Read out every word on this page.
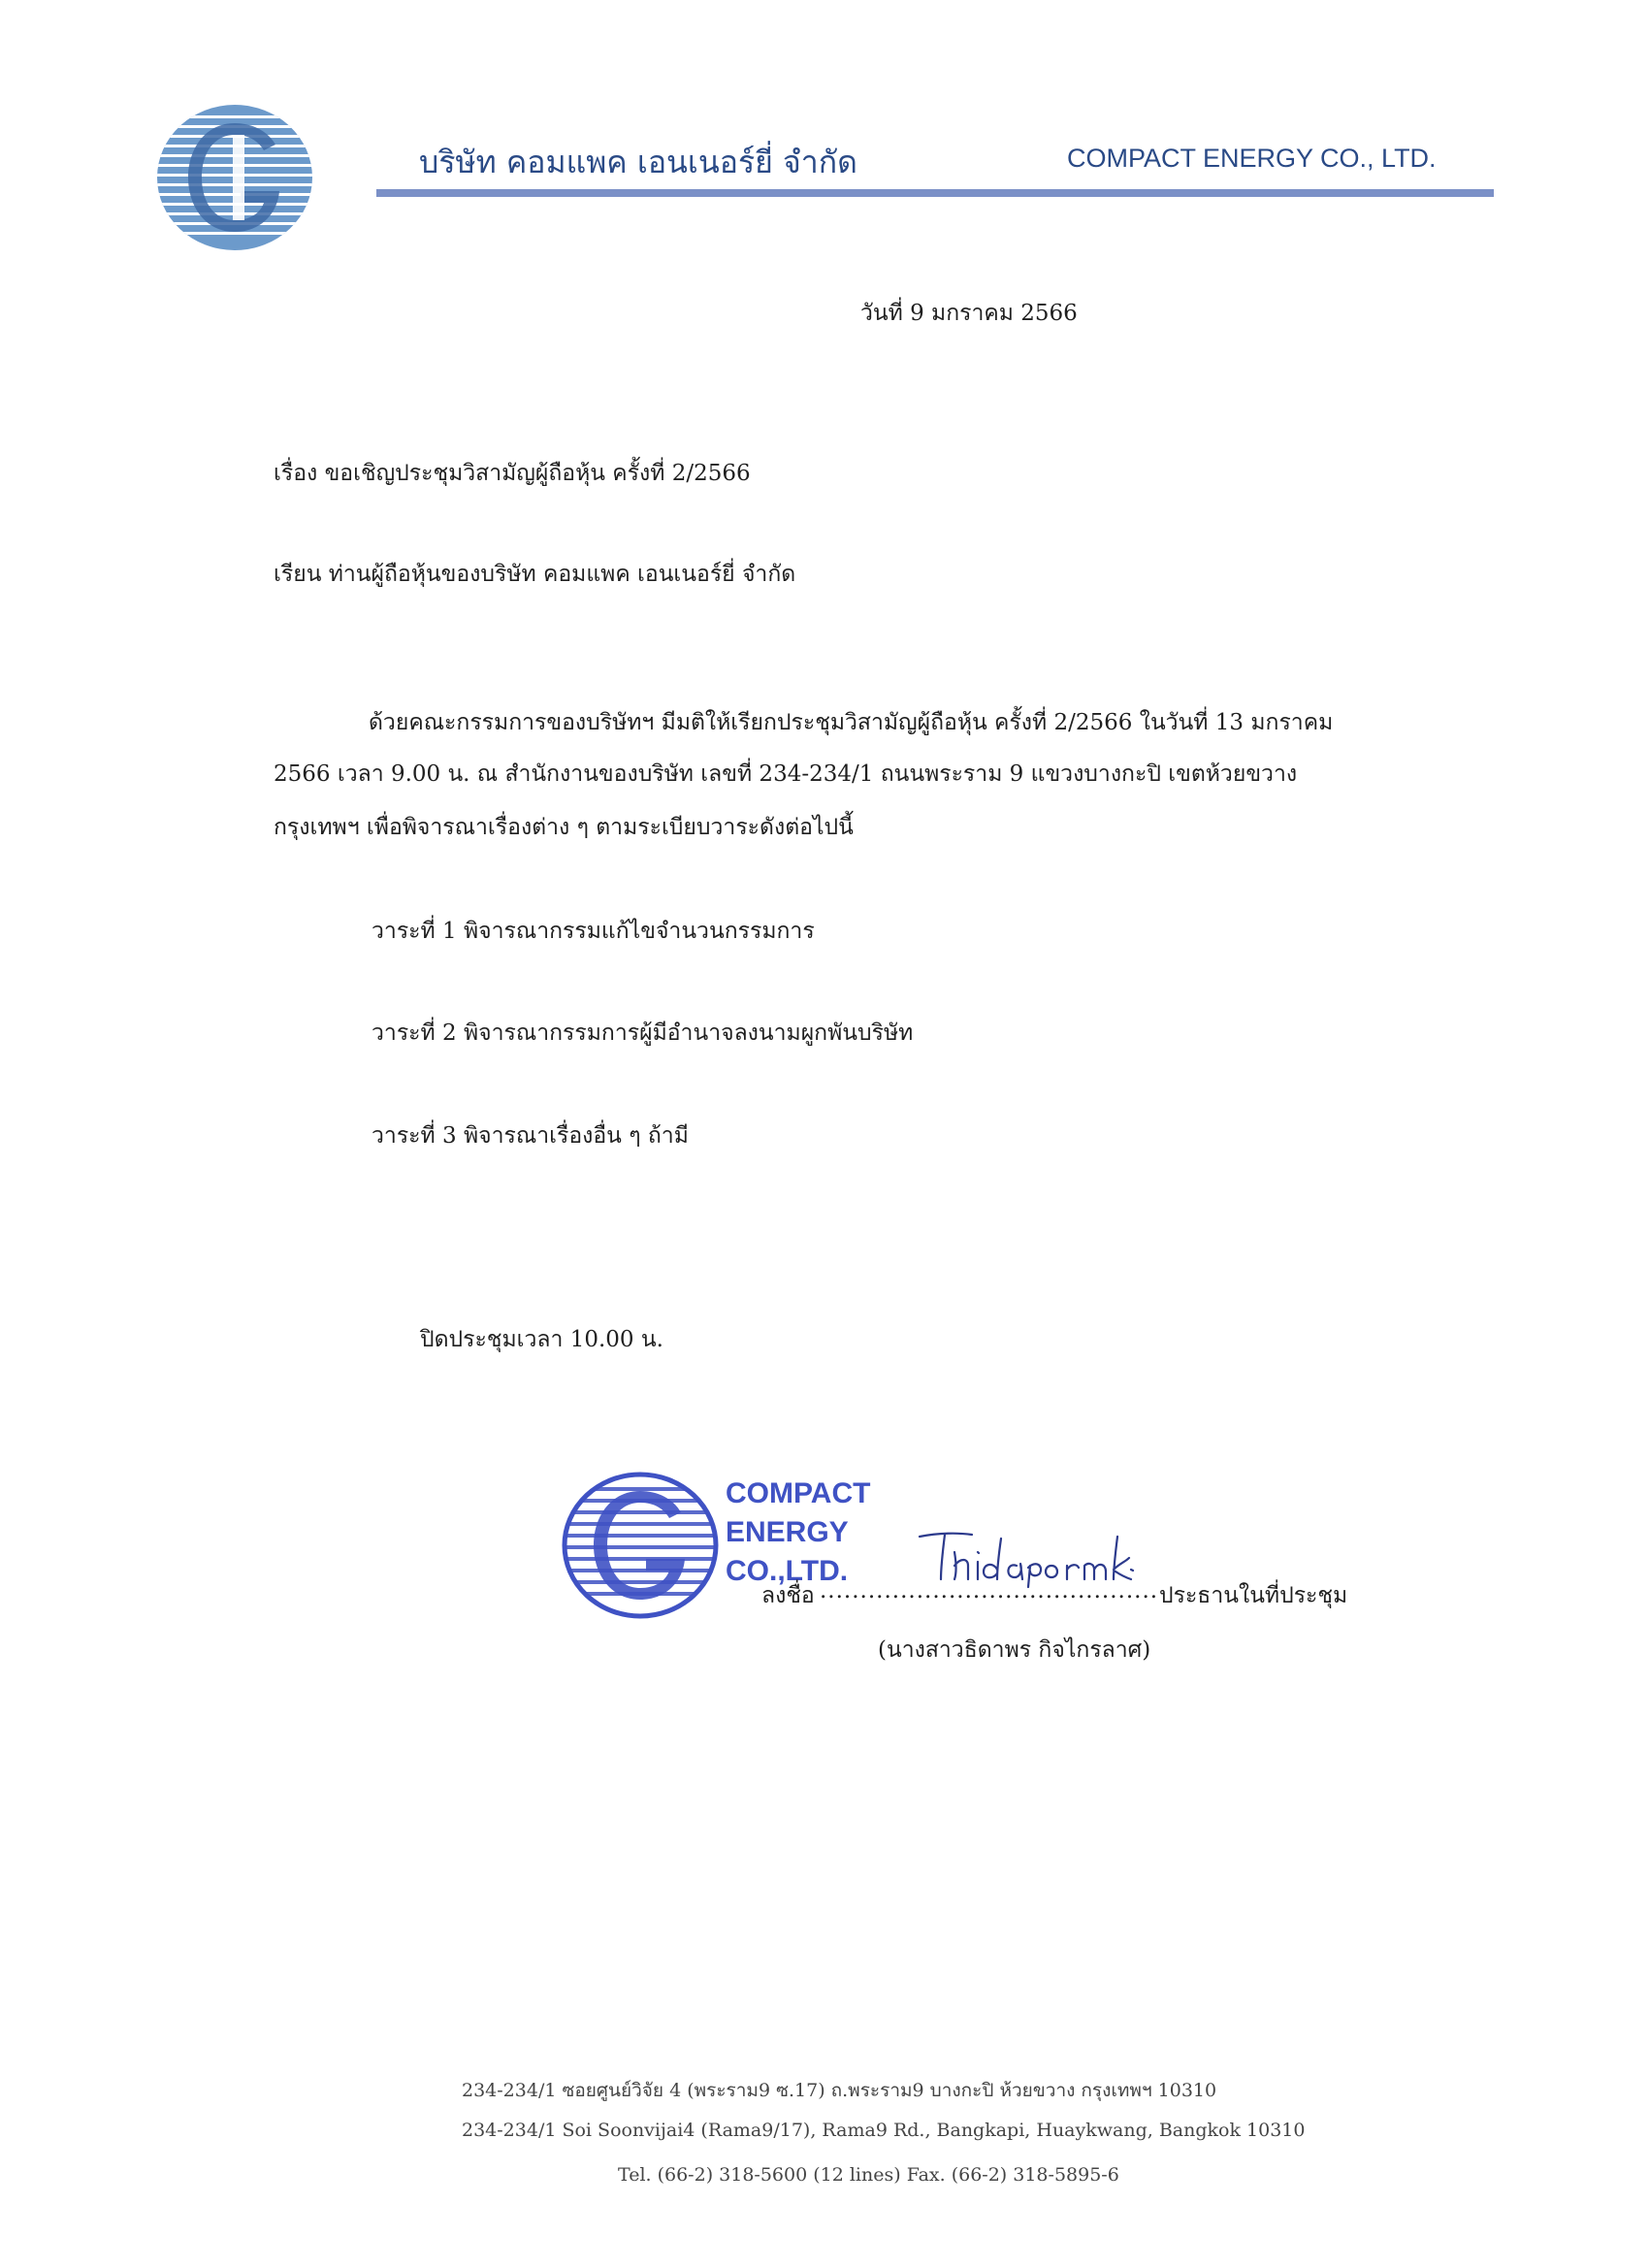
บริษัท คอมแพค เอนเนอร์ยี่ จำกัด	COMPACT ENERGY CO., LTD.
วันที่ 9 มกราคม 2566
เรื่อง ขอเชิญประชุมวิสามัญผู้ถือหุ้น ครั้งที่ 2/2566
เรียน ท่านผู้ถือหุ้นของบริษัท คอมแพค เอนเนอร์ยี่ จำกัด
ด้วยคณะกรรมการของบริษัทฯ มีมติให้เรียกประชุมวิสามัญผู้ถือหุ้น ครั้งที่ 2/2566 ในวันที่ 13 มกราคม
2566 เวลา 9.00 น. ณ สำนักงานของบริษัท เลขที่ 234-234/1 ถนนพระราม 9 แขวงบางกะปิ เขตห้วยขวาง
กรุงเทพฯ เพื่อพิจารณาเรื่องต่าง ๆ ตามระเบียบวาระดังต่อไปนี้
วาระที่ 1 พิจารณากรรมแก้ไขจำนวนกรรมการ
วาระที่ 2 พิจารณากรรมการผู้มีอำนาจลงนามผูกพันบริษัท
วาระที่ 3 พิจารณาเรื่องอื่น ๆ ถ้ามี
ปิดประชุมเวลา 10.00 น.
COMPACT
ENERGY
CO.,LTD.
ลงชื่อ .......................................... ประธานในที่ประชุม
(นางสาวธิดาพร กิจไกรลาศ)
234-234/1 ซอยศูนย์วิจัย 4 (พระราม9 ซ.17) ถ.พระราม9 บางกะปิ ห้วยขวาง กรุงเทพฯ 10310
234-234/1 Soi Soonvijai4 (Rama9/17), Rama9 Rd., Bangkapi, Huaykwang, Bangkok 10310
Tel. (66-2) 318-5600 (12 lines) Fax. (66-2) 318-5895-6
